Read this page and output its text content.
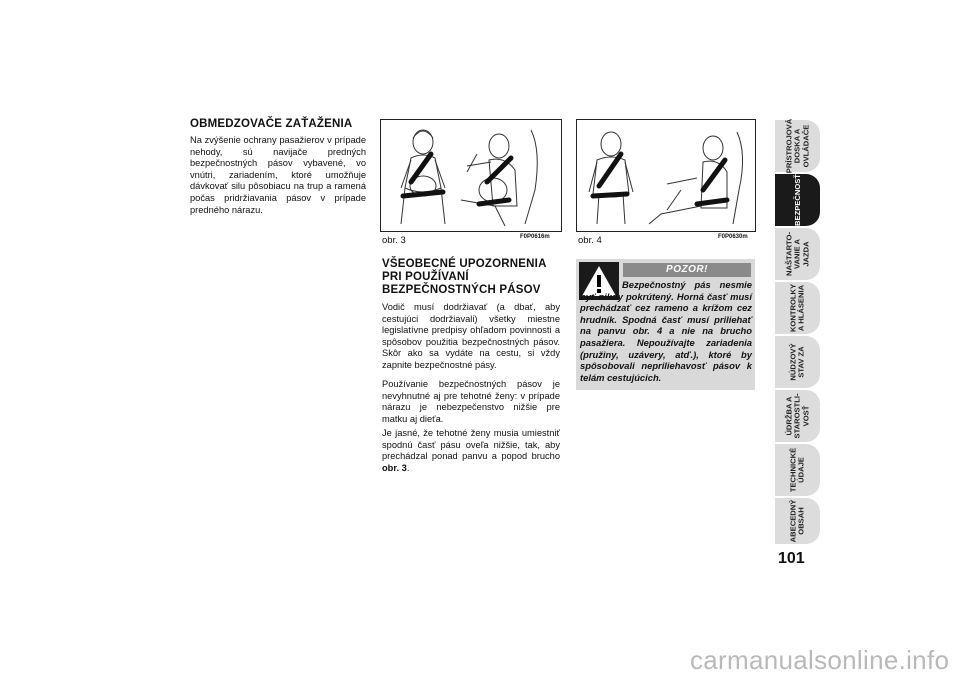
OBMEDZOVAČE ZAŤAŽENIA
Na zvýšenie ochrany pasažierov v prípade nehody, sú navijače predných bezpečnostných pásov vybavené, vo vnútri, zariadením, ktoré umožňuje dávkovať silu pôsobiacu na trup a ramená počas pridržiavania pásov v prípade predného nárazu.
obr. 3	F0P0616m	obr. 4	F0P0630m
VŠEOBECNÉ UPOZORNENIA
PRI POUŽÍVANÍ
BEZPEČNOSTNÝCH PÁSOV
Vodič musí dodržiavať (a dbať, aby cestujúci dodržiavali) všetky miestne legislatívne predpisy ohľadom povinnosti a spôsobov použitia bezpečnostných pásov. Skôr ako sa vydáte na cestu, si vždy zapnite bezpečnostné pásy.
Používanie bezpečnostných pásov je nevyhnutné aj pre tehotné ženy: v prípade nárazu je nebezpečenstvo nižšie pre matku aj dieťa.
Je jasné, že tehotné ženy musia umiestniť spodnú časť pásu oveľa nižšie, tak, aby prechádzal ponad panvu a popod brucho obr. 3.
POZOR!
Bezpečnostný pás nesmie byť nikdy pokrútený. Horná časť musí prechádzať cez rameno a krížom cez hrudník. Spodná časť musí priliehať na panvu obr. 4 a nie na brucho pasažiera. Nepoužívajte zariadenia (pružiny, uzávery, atď.), ktoré by spôsobovali nepriliehavosť pásov k telám cestujúcich.
PRÍSTROJOVÁ
DOSKA A
OVLÁDAČE
BEZPEČNOSŤ
NAŠTARTO-
VANIE A
JAZDA
KONTROLKY
A HLÁSENIA
NÚDZOVÝ
STAV ZA
ÚDRŽBA A
STAROSTLI-
VOSŤ
TECHNICKÉ
ÚDAJE
ABECEDNÝ
OBSAH
101
carmanualsonline.info
